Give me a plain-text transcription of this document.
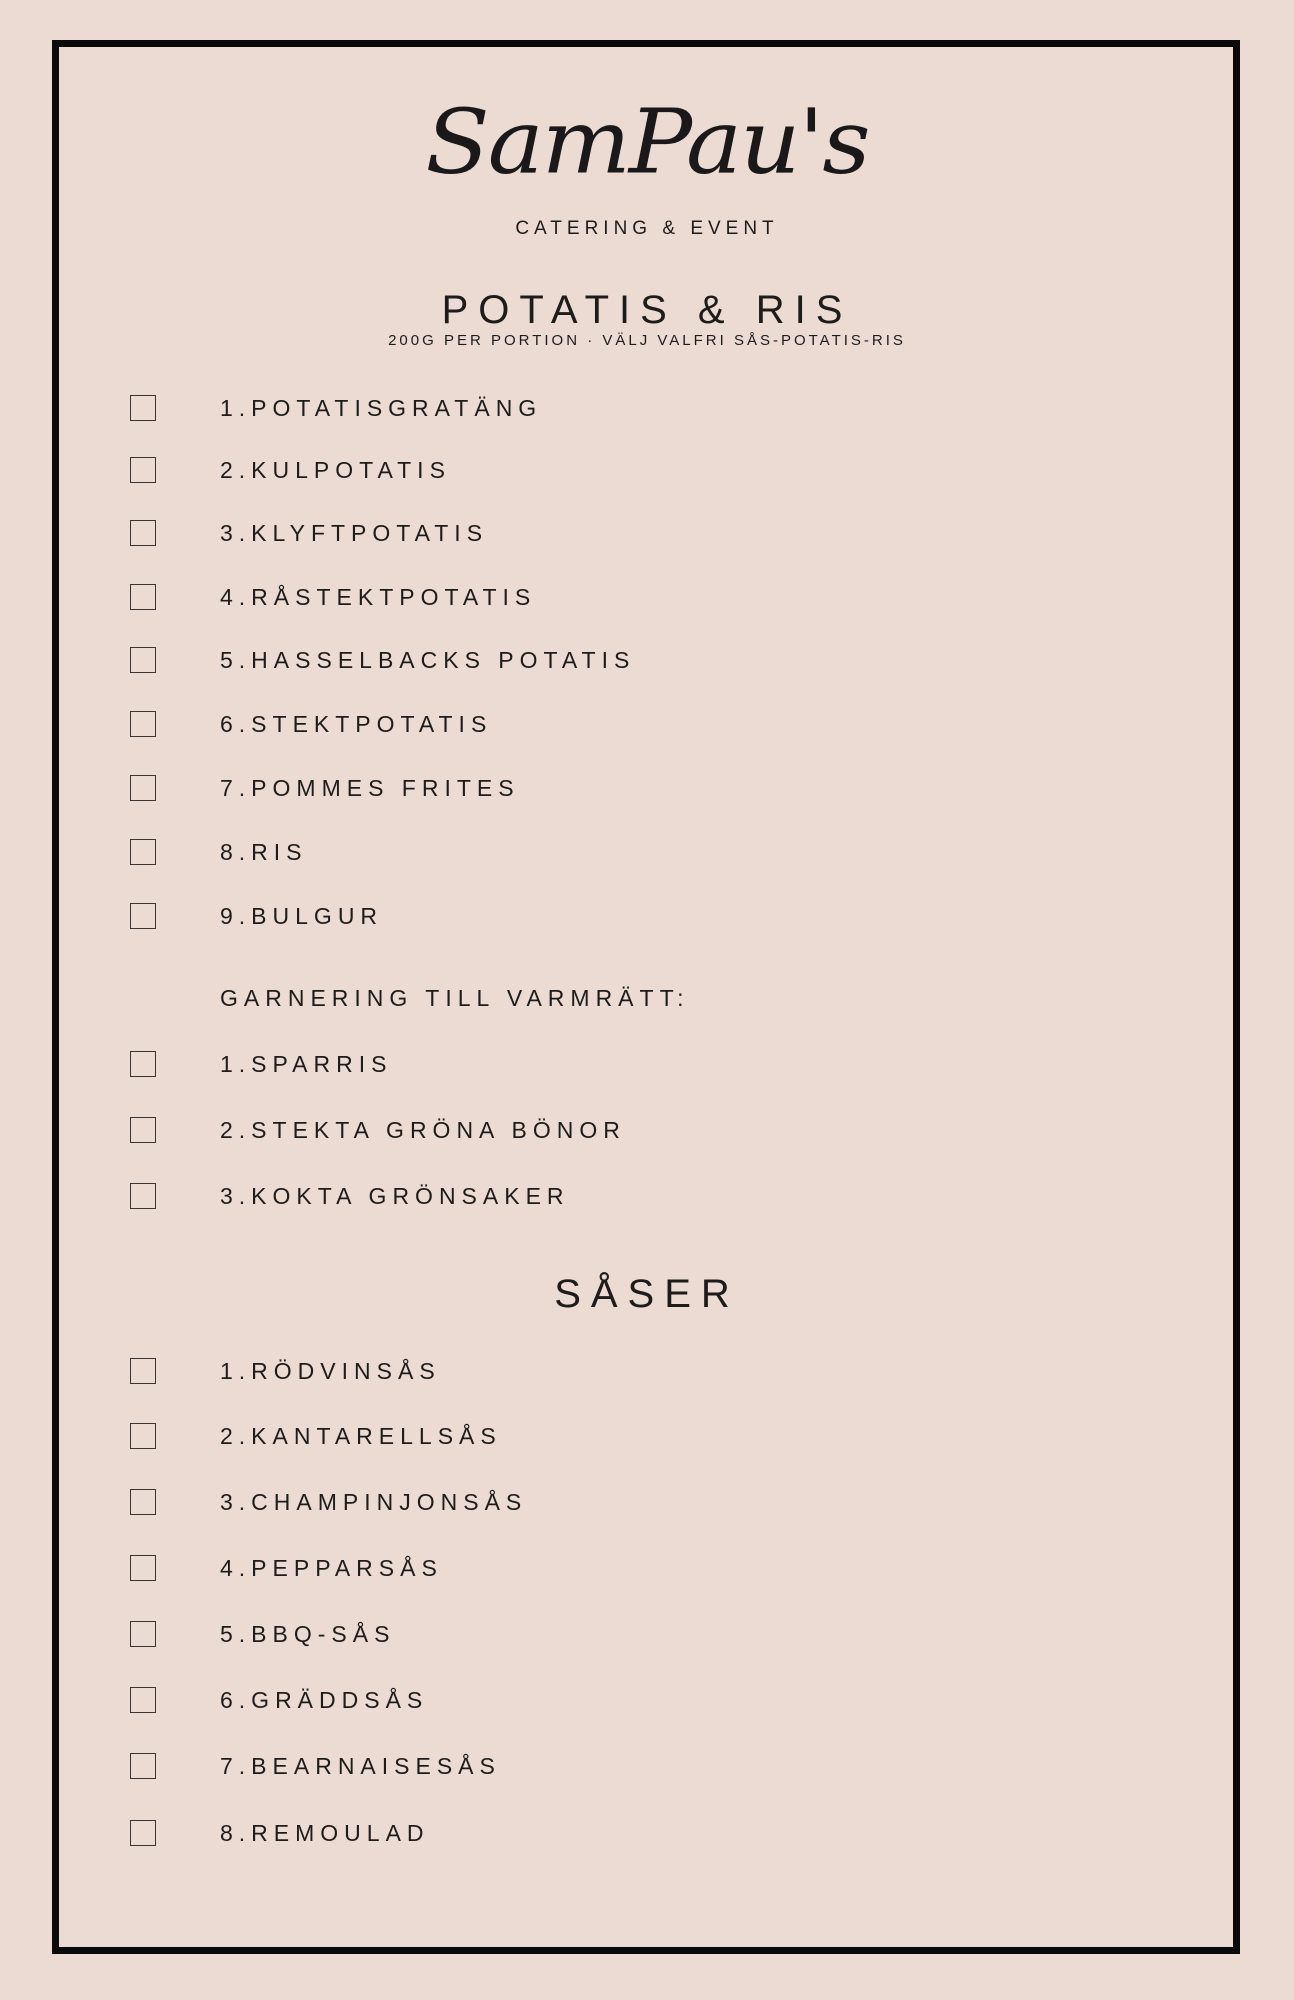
SamPau's
CATERING & EVENT
POTATIS & RIS
200G PER PORTION · VÄLJ VALFRI SÅS-POTATIS-RIS
1.POTATISGRATÄNG
2.KULPOTATIS
3.KLYFTPOTATIS
4.RÅSTEKTPOTATIS
5.HASSELBACKS POTATIS
6.STEKTPOTATIS
7.POMMES FRITES
8.RIS
9.BULGUR
GARNERING TILL VARMRÄTT:
1.SPARRIS
2.STEKTA GRÖNA BÖNOR
3.KOKTA GRÖNSAKER
SÅSER
1.RÖDVINSÅS
2.KANTARELLSÅS
3.CHAMPINJONSÅS
4.PEPPARSÅS
5.BBQ-SÅS
6.GRÄDDSÅS
7.BEARNAISESÅS
8.REMOULAD
